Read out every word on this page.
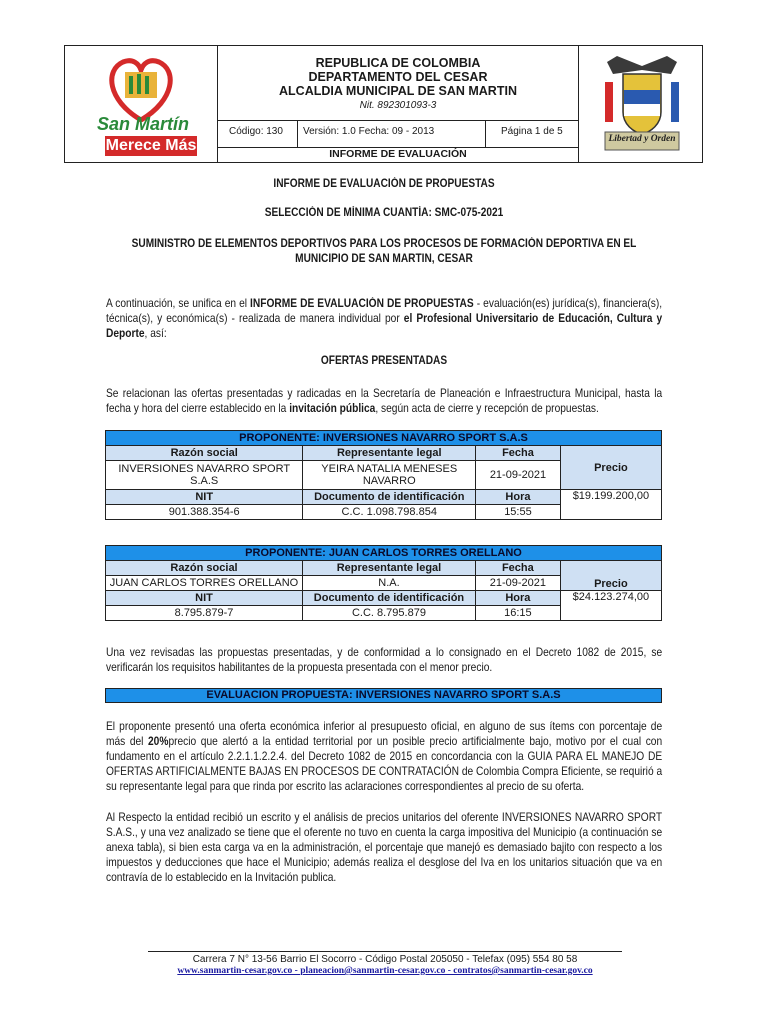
San Martín
Merece Más
REPUBLICA DE COLOMBIA
DEPARTAMENTO DEL CESAR
ALCALDIA MUNICIPAL DE SAN MARTIN
Nit. 892301093-3
Código: 130 Versión: 1.0 Fecha: 09 - 2013	Página 1 de 5
INFORME DE EVALUACIÓN
Libertad y Orden
INFORME DE EVALUACIÓN DE PROPUESTAS
SELECCIÓN DE MÍNIMA CUANTÍA: SMC-075-2021
SUMINISTRO DE ELEMENTOS DEPORTIVOS PARA LOS PROCESOS DE FORMACIÓN DEPORTIVA EN EL
MUNICIPIO DE SAN MARTIN, CESAR
A continuación, se unifica en el INFORME DE EVALUACIÓN DE PROPUESTAS - evaluación(es) jurídica(s), financiera(s), técnica(s), y económica(s) - realizada de manera individual por el Profesional Universitario de Educación, Cultura y Deporte, así:
OFERTAS PRESENTADAS
Se relacionan las ofertas presentadas y radicadas en la Secretaría de Planeación e Infraestructura Municipal, hasta la fecha y hora del cierre establecido en la invitación pública, según acta de cierre y recepción de propuestas.
PROPONENTE: INVERSIONES NAVARRO SPORT S.A.S			
Razón social	Representante legal	Fecha	Precio
INVERSIONES NAVARRO SPORT S.A.S	YEIRA NATALIA MENESES NAVARRO	21-09-2021	
NIT	Documento de identificación	Hora	$19.199.200,00
901.388.354-6	C.C. 1.098.798.854	15:55	
PROPONENTE: JUAN CARLOS TORRES ORELLANO			
Razón social	Representante legal	Fecha	Precio
JUAN CARLOS TORRES ORELLANO	N.A.	21-09-2021	
NIT	Documento de identificación	Hora	$24.123.274,00
8.795.879-7	C.C. 8.795.879	16:15	
Una vez revisadas las propuestas presentadas, y de conformidad a lo consignado en el Decreto 1082 de 2015, se verificarán los requisitos habilitantes de la propuesta presentada con el menor precio.
EVALUACION PROPUESTA: INVERSIONES NAVARRO SPORT S.A.S
El proponente presentó una oferta económica inferior al presupuesto oficial, en alguno de sus ítems con porcentaje de más del 20%precio que alertó a la entidad territorial por un posible precio artificialmente bajo, motivo por el cual con fundamento en el artículo 2.2.1.1.2.2.4. del Decreto 1082 de 2015 en concordancia con la GUIA PARA EL MANEJO DE OFERTAS ARTIFICIALMENTE BAJAS EN PROCESOS DE CONTRATACIÓN de Colombia Compra Eficiente, se requirió a su representante legal para que rinda por escrito las aclaraciones correspondientes al precio de su oferta.
Al Respecto la entidad recibió un escrito y el análisis de precios unitarios del oferente INVERSIONES NAVARRO SPORT S.A.S., y una vez analizado se tiene que el oferente no tuvo en cuenta la carga impositiva del Municipio (a continuación se anexa tabla), si bien esta carga va en la administración, el porcentaje que manejó es demasiado bajito con respecto a los impuestos y deducciones que hace el Municipio; además realiza el desglose del Iva en los unitarios situación que va en contravía de lo establecido en la Invitación publica.
Carrera 7 N° 13-56 Barrio El Socorro - Código Postal 205050 - Telefax (095) 554 80 58
www.sanmartin-cesar.gov.co - planeacion@sanmartin-cesar.gov.co - contratos@sanmartin-cesar.gov.co
